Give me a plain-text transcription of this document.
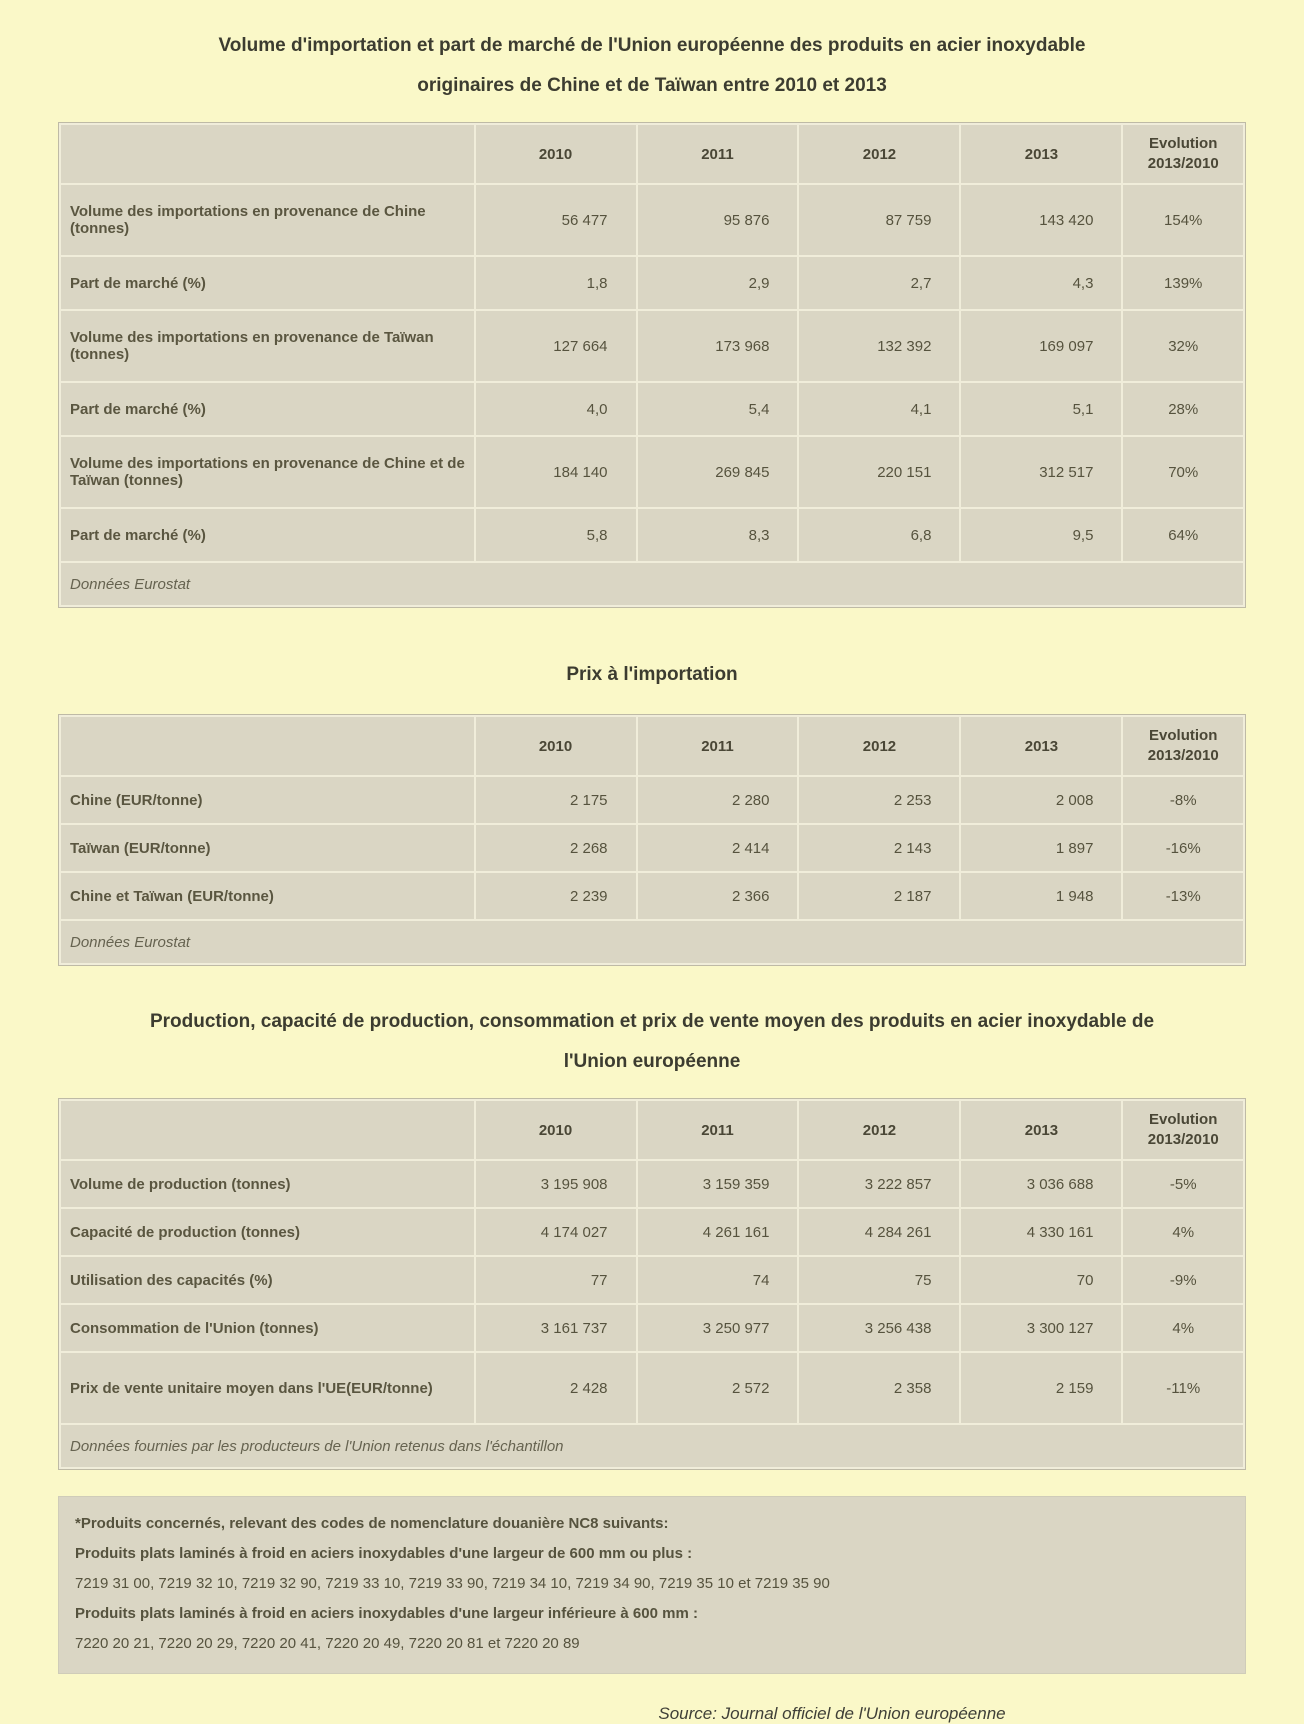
Volume d'importation et part de marché de l'Union européenne des produits en acier inoxydable
originaires de Chine et de Taïwan entre 2010 et 2013
	2010	2011	2012	2013	Evolution
2013/2010

Volume des importations en provenance de Chine (tonnes)	56 477	95 876	87 759	143 420	154%
Part de marché (%)	1,8	2,9	2,7	4,3	139%
Volume des importations en provenance de Taïwan (tonnes)	127 664	173 968	132 392	169 097	32%
Part de marché (%)	4,0	5,4	4,1	5,1	28%
Volume des importations en provenance de Chine et de Taïwan (tonnes)	184 140	269 845	220 151	312 517	70%
Part de marché (%)	5,8	8,3	6,8	9,5	64%
Données Eurostat					
Prix à l'importation
	2010	2011	2012	2013	Evolution
2013/2010

Chine (EUR/tonne)	2 175	2 280	2 253	2 008	-8%
Taïwan (EUR/tonne)	2 268	2 414	2 143	1 897	-16%
Chine et Taïwan (EUR/tonne)	2 239	2 366	2 187	1 948	-13%
Données Eurostat					
Production, capacité de production, consommation et prix de vente moyen des produits en acier inoxydable de
l'Union européenne
	2010	2011	2012	2013	Evolution
2013/2010

Volume de production (tonnes)	3 195 908	3 159 359	3 222 857	3 036 688	-5%
Capacité de production (tonnes)	4 174 027	4 261 161	4 284 261	4 330 161	4%
Utilisation des capacités (%)	77	74	75	70	-9%
Consommation de l'Union (tonnes)	3 161 737	3 250 977	3 256 438	3 300 127	4%
Prix de vente unitaire moyen dans l'UE(EUR/tonne)	2 428	2 572	2 358	2 159	-11%
Données fournies par les producteurs de l'Union retenus dans l'échantillon					
*Produits concernés, relevant des codes de nomenclature douanière NC8 suivants:
Produits plats laminés à froid en aciers inoxydables d'une largeur de 600 mm ou plus :
7219 31 00, 7219 32 10, 7219 32 90, 7219 33 10, 7219 33 90, 7219 34 10, 7219 34 90, 7219 35 10 et 7219 35 90
Produits plats laminés à froid en aciers inoxydables d'une largeur inférieure à 600 mm :
7220 20 21, 7220 20 29, 7220 20 41, 7220 20 49, 7220 20 81 et 7220 20 89
Source: Journal officiel de l'Union européenne
